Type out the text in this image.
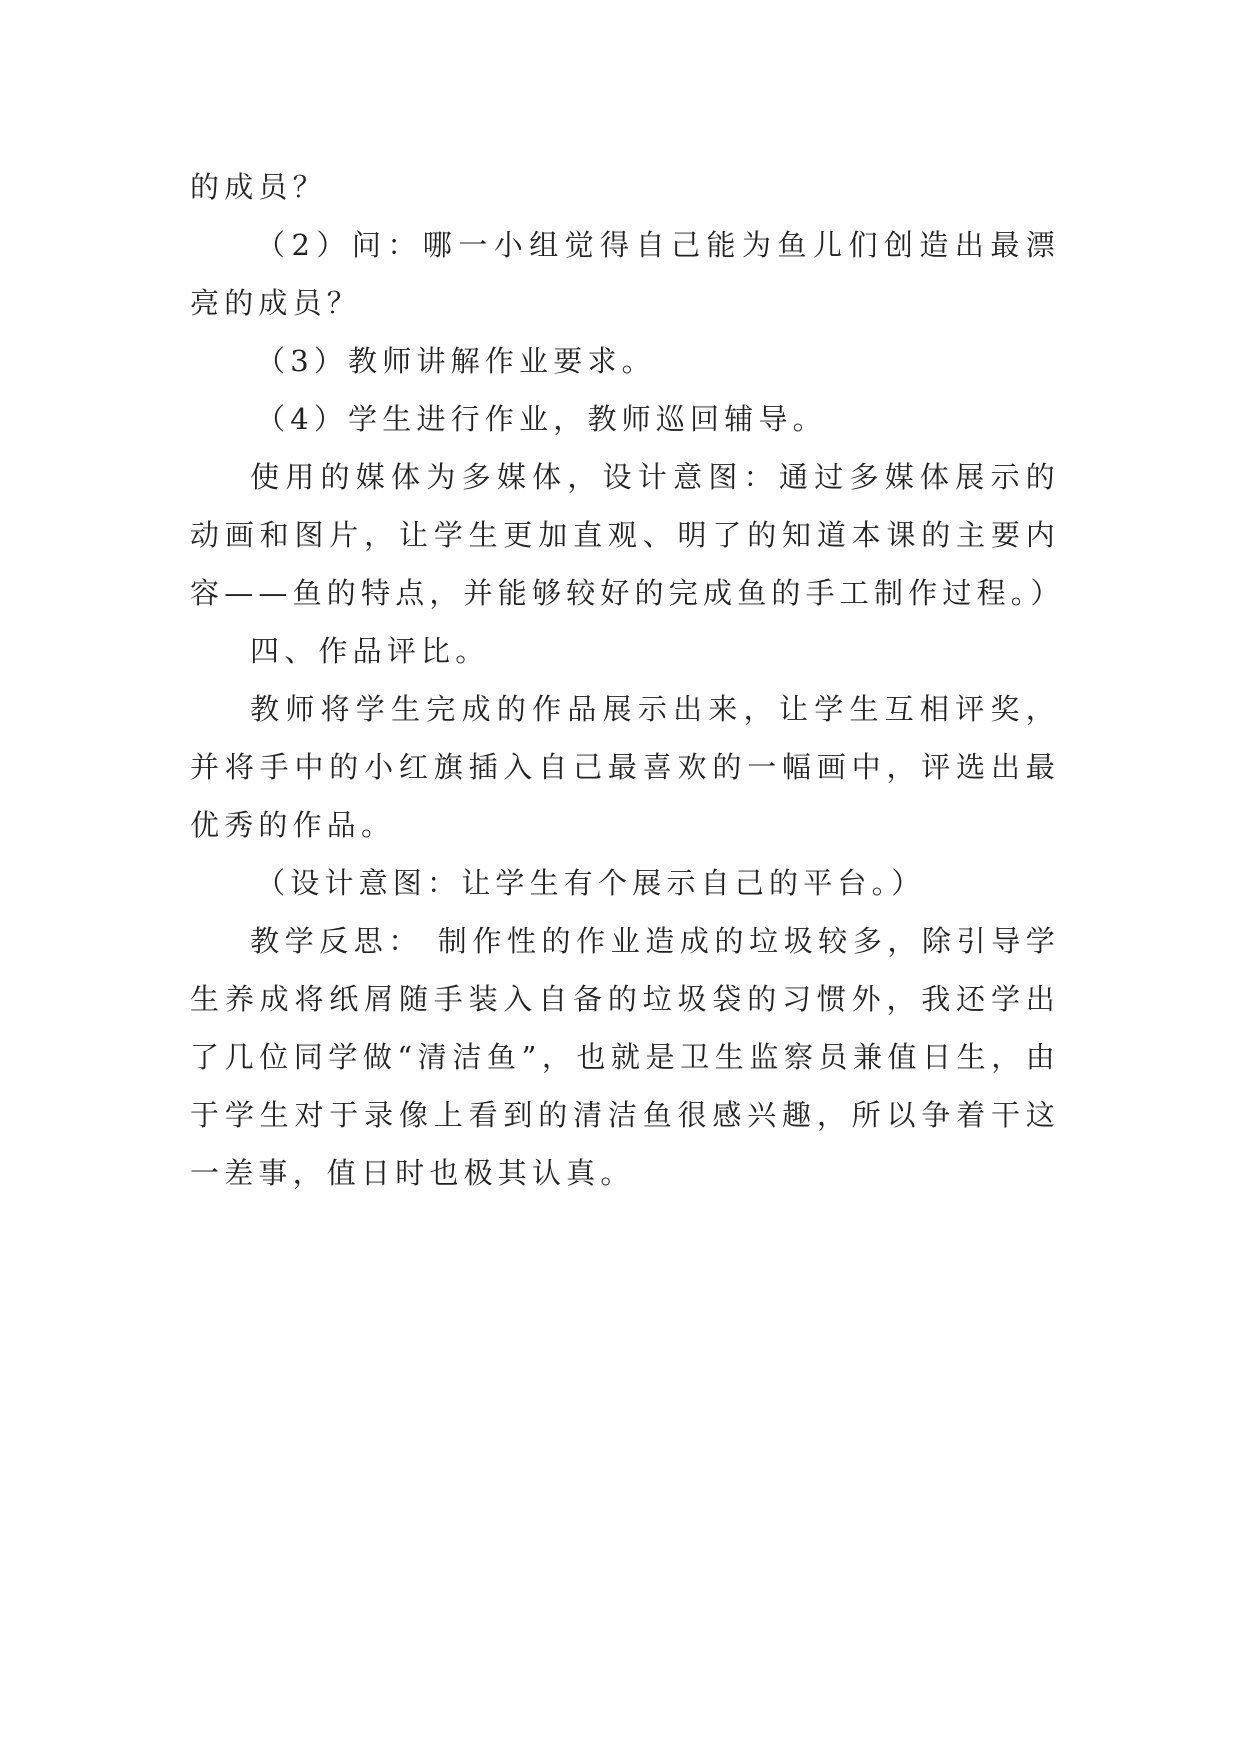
的成员？

（2）问：哪一小组觉得自己能为鱼儿们创造出最漂亮的成员？

（3）教师讲解作业要求。

（4）学生进行作业，教师巡回辅导。

使用的媒体为多媒体，设计意图：通过多媒体展示的动画和图片，让学生更加直观、明了的知道本课的主要内容——鱼的特点，并能够较好的完成鱼的手工制作过程。）

四、作品评比。

教师将学生完成的作品展示出来，让学生互相评奖，并将手中的小红旗插入自己最喜欢的一幅画中，评选出最优秀的作品。

（设计意图：让学生有个展示自己的平台。）

教学反思： 制作性的作业造成的垃圾较多，除引导学生养成将纸屑随手装入自备的垃圾袋的习惯外，我还学出了几位同学做“清洁鱼”，也就是卫生监察员兼值日生，由于学生对于录像上看到的清洁鱼很感兴趣，所以争着干这一差事，值日时也极其认真。
